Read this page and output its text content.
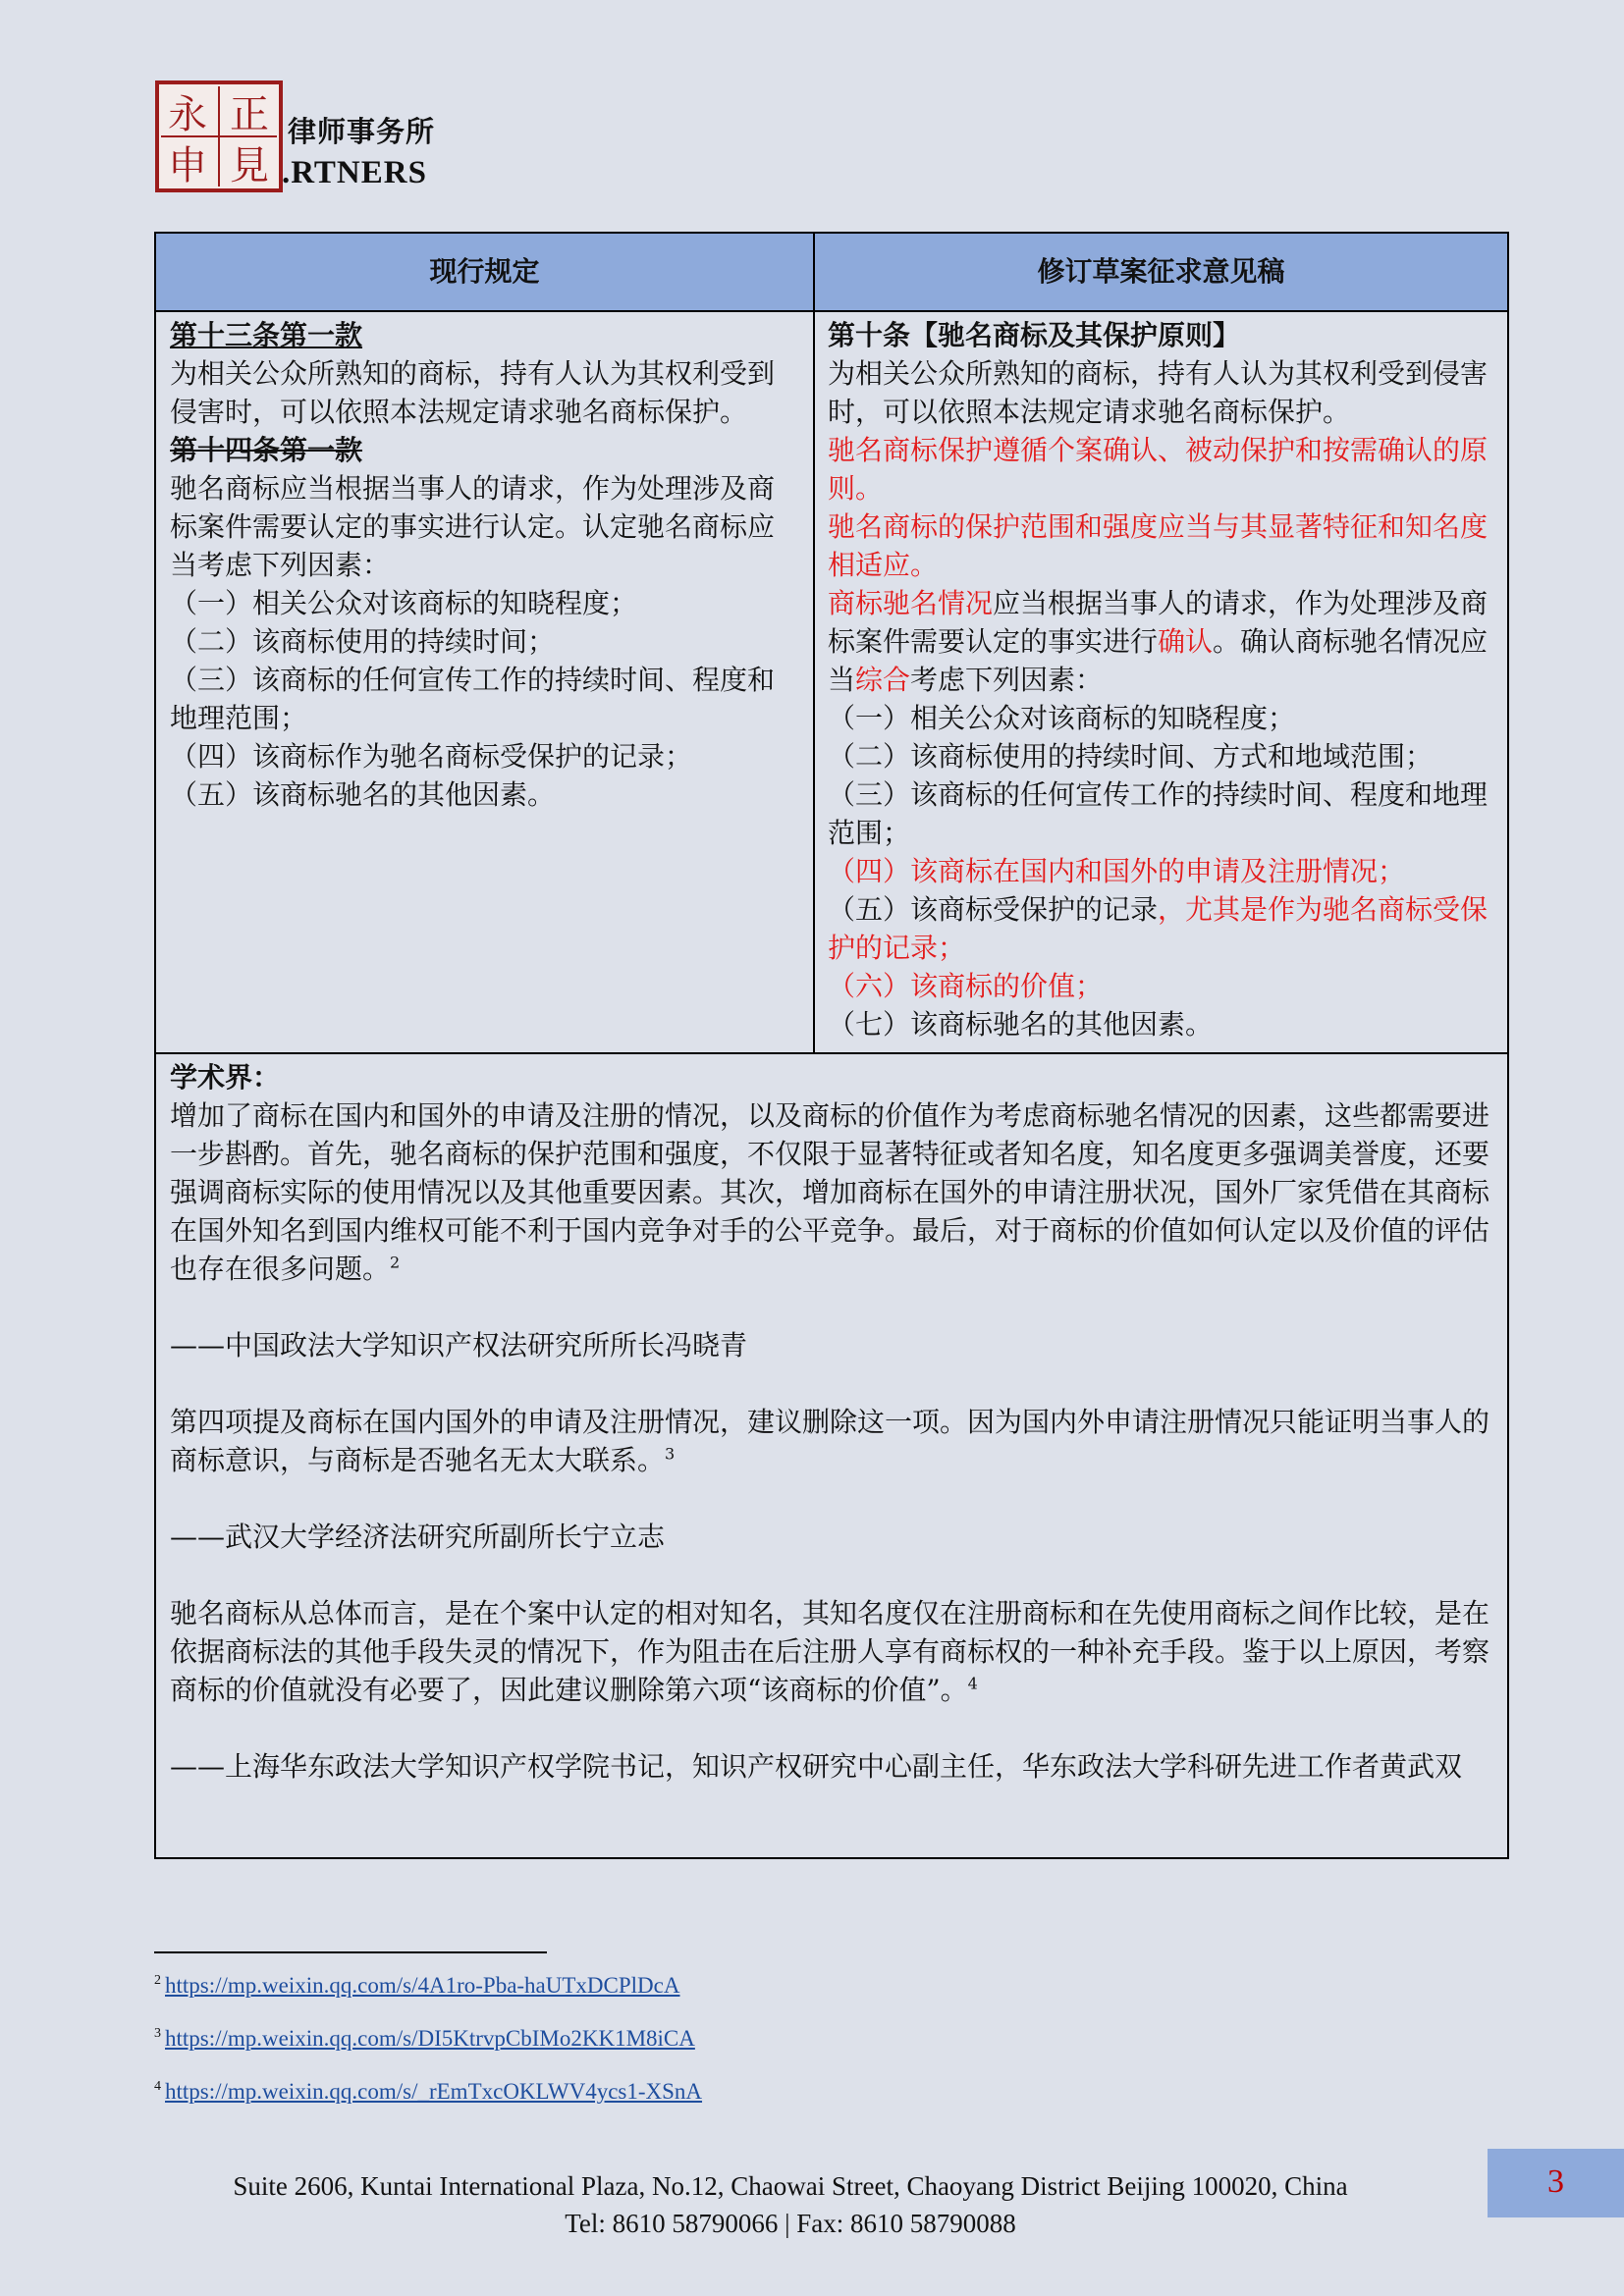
永 正
申 見
律师事务所
.RTNERS
现行规定	修订草案征求意见稿

第十三条第一款

为相关公众所熟知的商标，持有人认为其权利受到侵害时，可以依照本法规定请求驰名商标保护。

第十四条第一款

驰名商标应当根据当事人的请求，作为处理涉及商标案件需要认定的事实进行认定。认定驰名商标应当考虑下列因素：

（一）相关公众对该商标的知晓程度；

（二）该商标使用的持续时间；

（三）该商标的任何宣传工作的持续时间、程度和地理范围；

（四）该商标作为驰名商标受保护的记录；

（五）该商标驰名的其他因素。

第十条【驰名商标及其保护原则】

为相关公众所熟知的商标，持有人认为其权利受到侵害时，可以依照本法规定请求驰名商标保护。

驰名商标保护遵循个案确认、被动保护和按需确认的原则。

驰名商标的保护范围和强度应当与其显著特征和知名度相适应。

商标驰名情况应当根据当事人的请求，作为处理涉及商标案件需要认定的事实进行确认。确认商标驰名情况应当综合考虑下列因素：

（一）相关公众对该商标的知晓程度；

（二）该商标使用的持续时间、方式和地域范围；

（三）该商标的任何宣传工作的持续时间、程度和地理范围；

（四）该商标在国内和国外的申请及注册情况；

（五）该商标受保护的记录，尤其是作为驰名商标受保护的记录；

（六）该商标的价值；

（七）该商标驰名的其他因素。

学术界：

增加了商标在国内和国外的申请及注册的情况，以及商标的价值作为考虑商标驰名情况的因素，这些都需要进一步斟酌。首先，驰名商标的保护范围和强度，不仅限于显著特征或者知名度，知名度更多强调美誉度，还要强调商标实际的使用情况以及其他重要因素。其次，增加商标在国外的申请注册状况，国外厂家凭借在其商标在国外知名到国内维权可能不利于国内竞争对手的公平竞争。最后，对于商标的价值如何认定以及价值的评估也存在很多问题。$^2$

——中国政法大学知识产权法研究所所长冯晓青

第四项提及商标在国内国外的申请及注册情况，建议删除这一项。因为国内外申请注册情况只能证明当事人的商标意识，与商标是否驰名无太大联系。$^3$

——武汉大学经济法研究所副所长宁立志

驰名商标从总体而言，是在个案中认定的相对知名，其知名度仅在注册商标和在先使用商标之间作比较，是在依据商标法的其他手段失灵的情况下，作为阻击在后注册人享有商标权的一种补充手段。鉴于以上原因，考察商标的价值就没有必要了，因此建议删除第六项“该商标的价值”。$^4$

——上海华东政法大学知识产权学院书记，知识产权研究中心副主任，华东政法大学科研先进工作者黄武双

$^2$ https://mp.weixin.qq.com/s/4A1ro-Pba-haUTxDCPlDcA
$^3$ https://mp.weixin.qq.com/s/DI5KtrvpCbIMo2KK1M8iCA
$^4$ https://mp.weixin.qq.com/s/_rEmTxcOKLWV4ycs1-XSnA
Suite 2606, Kuntai International Plaza, No.12, Chaowai Street, Chaoyang District Beijing 100020, China
Tel: 8610 58790066 | Fax: 8610 58790088
3
